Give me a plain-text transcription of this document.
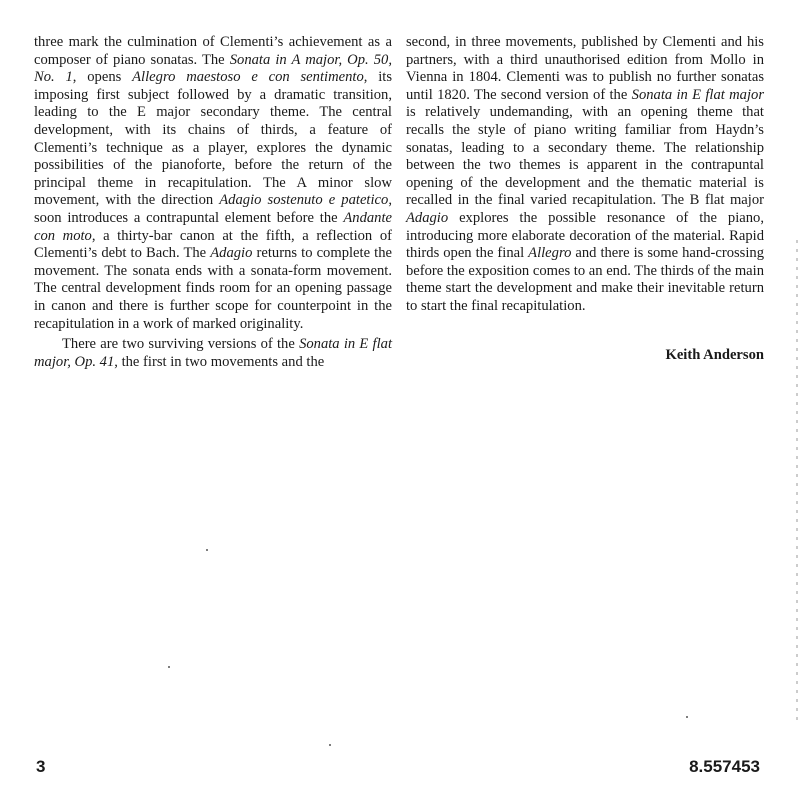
three mark the culmination of Clementi’s achievement as a composer of piano sonatas. The Sonata in A major, Op. 50, No. 1, opens Allegro maestoso e con sentimento, its imposing first subject followed by a dramatic transition, leading to the E major secondary theme. The central development, with its chains of thirds, a feature of Clementi’s technique as a player, explores the dynamic possibilities of the pianoforte, before the return of the principal theme in recapitulation. The A minor slow movement, with the direction Adagio sostenuto e patetico, soon introduces a contrapuntal element before the Andante con moto, a thirty-bar canon at the fifth, a reflection of Clementi’s debt to Bach. The Adagio returns to complete the movement. The sonata ends with a sonata-form movement. The central development finds room for an opening passage in canon and there is further scope for counterpoint in the recapitulation in a work of marked originality.

There are two surviving versions of the Sonata in E flat major, Op. 41, the first in two movements and the

second, in three movements, published by Clementi and his partners, with a third unauthorised edition from Mollo in Vienna in 1804. Clementi was to publish no further sonatas until 1820. The second version of the Sonata in E flat major is relatively undemanding, with an opening theme that recalls the style of piano writing familiar from Haydn’s sonatas, leading to a secondary theme. The relationship between the two themes is apparent in the contrapuntal opening of the development and the thematic material is recalled in the final varied recapitulation. The B flat major Adagio explores the possible resonance of the piano, introducing more elaborate decoration of the material. Rapid thirds open the final Allegro and there is some hand-crossing before the exposition comes to an end. The thirds of the main theme start the development and make their inevitable return to start the final recapitulation.

Keith Anderson
3	8.557453
